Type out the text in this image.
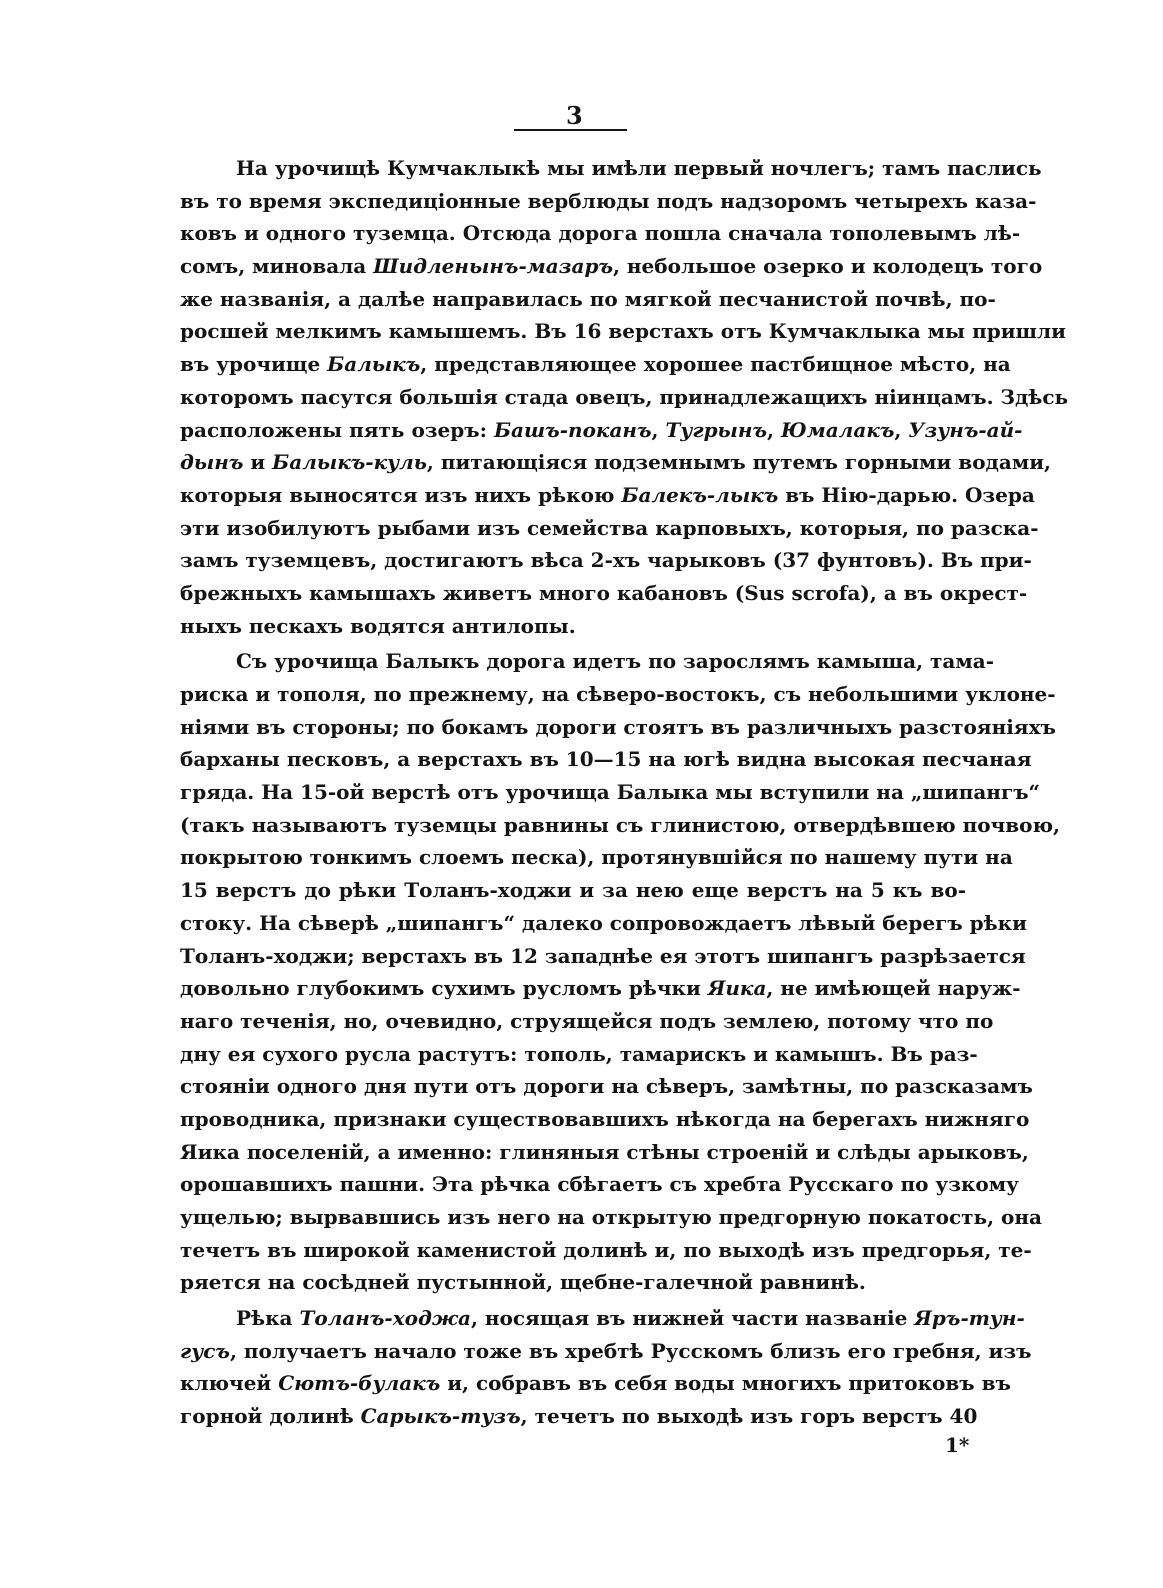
3
На урочищѣ Кумчаклыкѣ мы имѣли первый ночлегъ; тамъ паслись
въ то время экспедиціонные верблюды подъ надзоромъ четырехъ каза-
ковъ и одного туземца. Отсюда дорога пошла сначала тополевымъ лѣ-
сомъ, миновала Шидленынъ-мазаръ, небольшое озерко и колодецъ того
же названія, а далѣе направилась по мягкой песчанистой почвѣ, по-
росшей мелкимъ камышемъ. Въ 16 верстахъ отъ Кумчаклыка мы пришли
въ урочище Балыкъ, представляющее хорошее пастбищное мѣсто, на
которомъ пасутся большія стада овецъ, принадлежащихъ ніинцамъ. Здѣсь
расположены пять озеръ: Башъ-поканъ, Тугрынъ, Юмалакъ, Узунъ-ай-
дынъ и Балыкъ-куль, питающіяся подземнымъ путемъ горными водами,
которыя выносятся изъ нихъ рѣкою Балекъ-лыкъ въ Нію-дарью. Озера
эти изобилуютъ рыбами изъ семейства карповыхъ, которыя, по разска-
замъ туземцевъ, достигаютъ вѣса 2-хъ чарыковъ (37 фунтовъ). Въ при-
брежныхъ камышахъ живетъ много кабановъ (Sus scrofa), а въ окрест-
ныхъ пескахъ водятся антилопы.
Съ урочища Балыкъ дорога идетъ по зарослямъ камыша, тама-
риска и тополя, по прежнему, на сѣверо-востокъ, съ небольшими уклоне-
ніями въ стороны; по бокамъ дороги стоятъ въ различныхъ разстояніяхъ
барханы песковъ, а верстахъ въ 10—15 на югѣ видна высокая песчаная
гряда. На 15-ой верстѣ отъ урочища Балыка мы вступили на „шипангъ“
(такъ называютъ туземцы равнины съ глинистою, отвердѣвшею почвою,
покрытою тонкимъ слоемъ песка), протянувшійся по нашему пути на
15 верстъ до рѣки Толанъ-ходжи и за нею еще верстъ на 5 къ во-
стоку. На сѣверѣ „шипангъ“ далеко сопровождаетъ лѣвый берегъ рѣки
Толанъ-ходжи; верстахъ въ 12 западнѣе ея этотъ шипангъ разрѣзается
довольно глубокимъ сухимъ русломъ рѣчки Яика, не имѣющей наруж-
наго теченія, но, очевидно, струящейся подъ землею, потому что по
дну ея сухого русла растутъ: тополь, тамарискъ и камышъ. Въ раз-
стояніи одного дня пути отъ дороги на сѣверъ, замѣтны, по разсказамъ
проводника, признаки существовавшихъ нѣкогда на берегахъ нижняго
Яика поселеній, а именно: глиняныя стѣны строеній и слѣды арыковъ,
орошавшихъ пашни. Эта рѣчка сбѣгаетъ съ хребта Русскаго по узкому
ущелью; вырвавшись изъ него на открытую предгорную покатость, она
течетъ въ широкой каменистой долинѣ и, по выходѣ изъ предгорья, те-
ряется на сосѣдней пустынной, щебне-галечной равнинѣ.
Рѣка Толанъ-ходжа, носящая въ нижней части названіе Яръ-тун-
гусъ, получаетъ начало тоже въ хребтѣ Русскомъ близъ его гребня, изъ
ключей Сютъ-булакъ и, собравъ въ себя воды многихъ притоковъ въ
горной долинѣ Сарыкъ-тузъ, течетъ по выходѣ изъ горъ верстъ 40
1*
